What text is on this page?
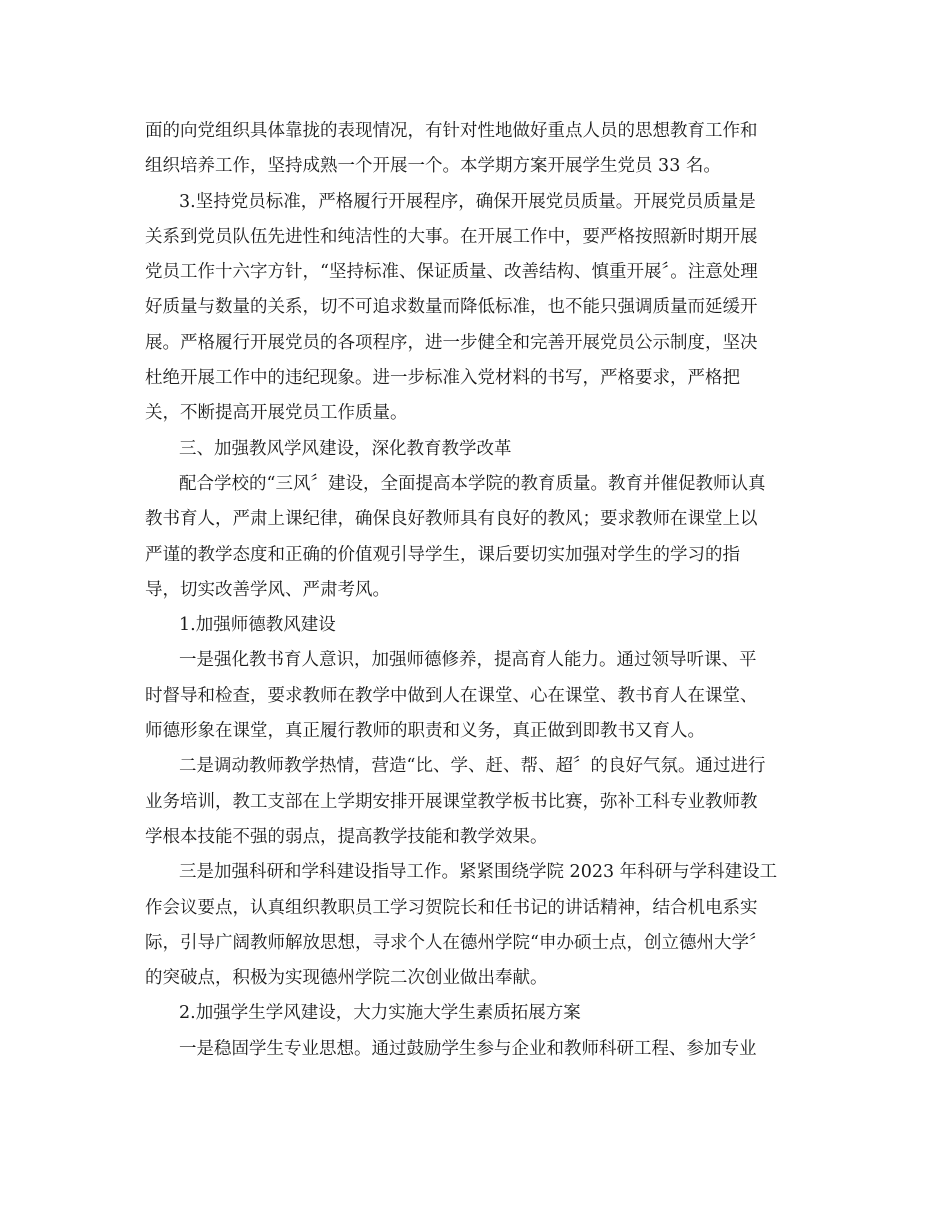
面的向党组织具体靠拢的表现情况，有针对性地做好重点人员的思想教育工作和
组织培养工作，坚持成熟一个开展一个。本学期方案开展学生党员 33 名。
3.坚持党员标准，严格履行开展程序，确保开展党员质量。开展党员质量是
关系到党员队伍先进性和纯洁性的大事。在开展工作中，要严格按照新时期开展
党员工作十六字方针，“坚持标准、保证质量、改善结构、慎重开展〞。注意处理
好质量与数量的关系，切不可追求数量而降低标准，也不能只强调质量而延缓开
展。严格履行开展党员的各项程序，进一步健全和完善开展党员公示制度，坚决
杜绝开展工作中的违纪现象。进一步标准入党材料的书写，严格要求，严格把
关，不断提高开展党员工作质量。
三、加强教风学风建设，深化教育教学改革
配合学校的“三风〞建设，全面提高本学院的教育质量。教育并催促教师认真
教书育人，严肃上课纪律，确保良好教师具有良好的教风；要求教师在课堂上以
严谨的教学态度和正确的价值观引导学生，课后要切实加强对学生的学习的指
导，切实改善学风、严肃考风。
1.加强师德教风建设
一是强化教书育人意识，加强师德修养，提高育人能力。通过领导听课、平
时督导和检查，要求教师在教学中做到人在课堂、心在课堂、教书育人在课堂、
师德形象在课堂，真正履行教师的职责和义务，真正做到即教书又育人。
二是调动教师教学热情，营造“比、学、赶、帮、超〞的良好气氛。通过进行
业务培训，教工支部在上学期安排开展课堂教学板书比赛，弥补工科专业教师教
学根本技能不强的弱点，提高教学技能和教学效果。
三是加强科研和学科建设指导工作。紧紧围绕学院 2023 年科研与学科建设工
作会议要点，认真组织教职员工学习贺院长和任书记的讲话精神，结合机电系实
际，引导广阔教师解放思想，寻求个人在德州学院“申办硕士点，创立德州大学〞
的突破点，积极为实现德州学院二次创业做出奉献。
2.加强学生学风建设，大力实施大学生素质拓展方案
一是稳固学生专业思想。通过鼓励学生参与企业和教师科研工程、参加专业
